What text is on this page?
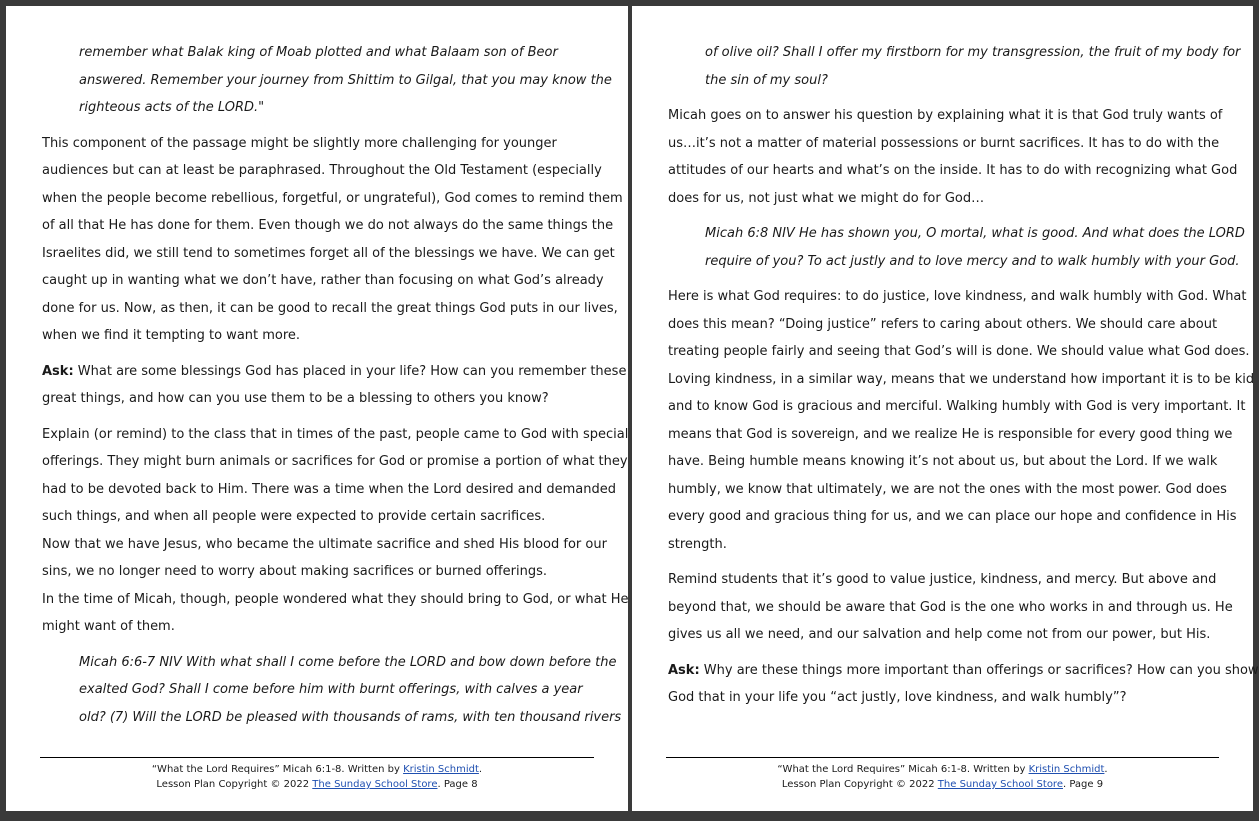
remember what Balak king of Moab plotted and what Balaam son of Beor
answered. Remember your journey from Shittim to Gilgal, that you may know the
righteous acts of the LORD."
This component of the passage might be slightly more challenging for younger
audiences but can at least be paraphrased. Throughout the Old Testament (especially
when the people become rebellious, forgetful, or ungrateful), God comes to remind them
of all that He has done for them. Even though we do not always do the same things the
Israelites did, we still tend to sometimes forget all of the blessings we have. We can get
caught up in wanting what we don’t have, rather than focusing on what God’s already
done for us. Now, as then, it can be good to recall the great things God puts in our lives,
when we find it tempting to want more.
Ask: What are some blessings God has placed in your life? How can you remember these
great things, and how can you use them to be a blessing to others you know?
Explain (or remind) to the class that in times of the past, people came to God with special
offerings. They might burn animals or sacrifices for God or promise a portion of what they
had to be devoted back to Him. There was a time when the Lord desired and demanded
such things, and when all people were expected to provide certain sacrifices.
Now that we have Jesus, who became the ultimate sacrifice and shed His blood for our
sins, we no longer need to worry about making sacrifices or burned offerings.
In the time of Micah, though, people wondered what they should bring to God, or what He
might want of them.
Micah 6:6-7 NIV With what shall I come before the LORD and bow down before the
exalted God? Shall I come before him with burnt offerings, with calves a year
old? (7) Will the LORD be pleased with thousands of rams, with ten thousand rivers
“What the Lord Requires” Micah 6:1-8. Written by Kristin Schmidt.
Lesson Plan Copyright © 2022 The Sunday School Store. Page 8
of olive oil? Shall I offer my firstborn for my transgression, the fruit of my body for
the sin of my soul?
Micah goes on to answer his question by explaining what it is that God truly wants of
us…it’s not a matter of material possessions or burnt sacrifices. It has to do with the
attitudes of our hearts and what’s on the inside. It has to do with recognizing what God
does for us, not just what we might do for God…
Micah 6:8 NIV He has shown you, O mortal, what is good. And what does the LORD
require of you? To act justly and to love mercy and to walk humbly with your God.
Here is what God requires: to do justice, love kindness, and walk humbly with God. What
does this mean? “Doing justice” refers to caring about others. We should care about
treating people fairly and seeing that God’s will is done. We should value what God does.
Loving kindness, in a similar way, means that we understand how important it is to be kid
and to know God is gracious and merciful. Walking humbly with God is very important. It
means that God is sovereign, and we realize He is responsible for every good thing we
have. Being humble means knowing it’s not about us, but about the Lord. If we walk
humbly, we know that ultimately, we are not the ones with the most power. God does
every good and gracious thing for us, and we can place our hope and confidence in His
strength.
Remind students that it’s good to value justice, kindness, and mercy. But above and
beyond that, we should be aware that God is the one who works in and through us. He
gives us all we need, and our salvation and help come not from our power, but His.
Ask: Why are these things more important than offerings or sacrifices? How can you show
God that in your life you “act justly, love kindness, and walk humbly”?
“What the Lord Requires” Micah 6:1-8. Written by Kristin Schmidt.
Lesson Plan Copyright © 2022 The Sunday School Store. Page 9
